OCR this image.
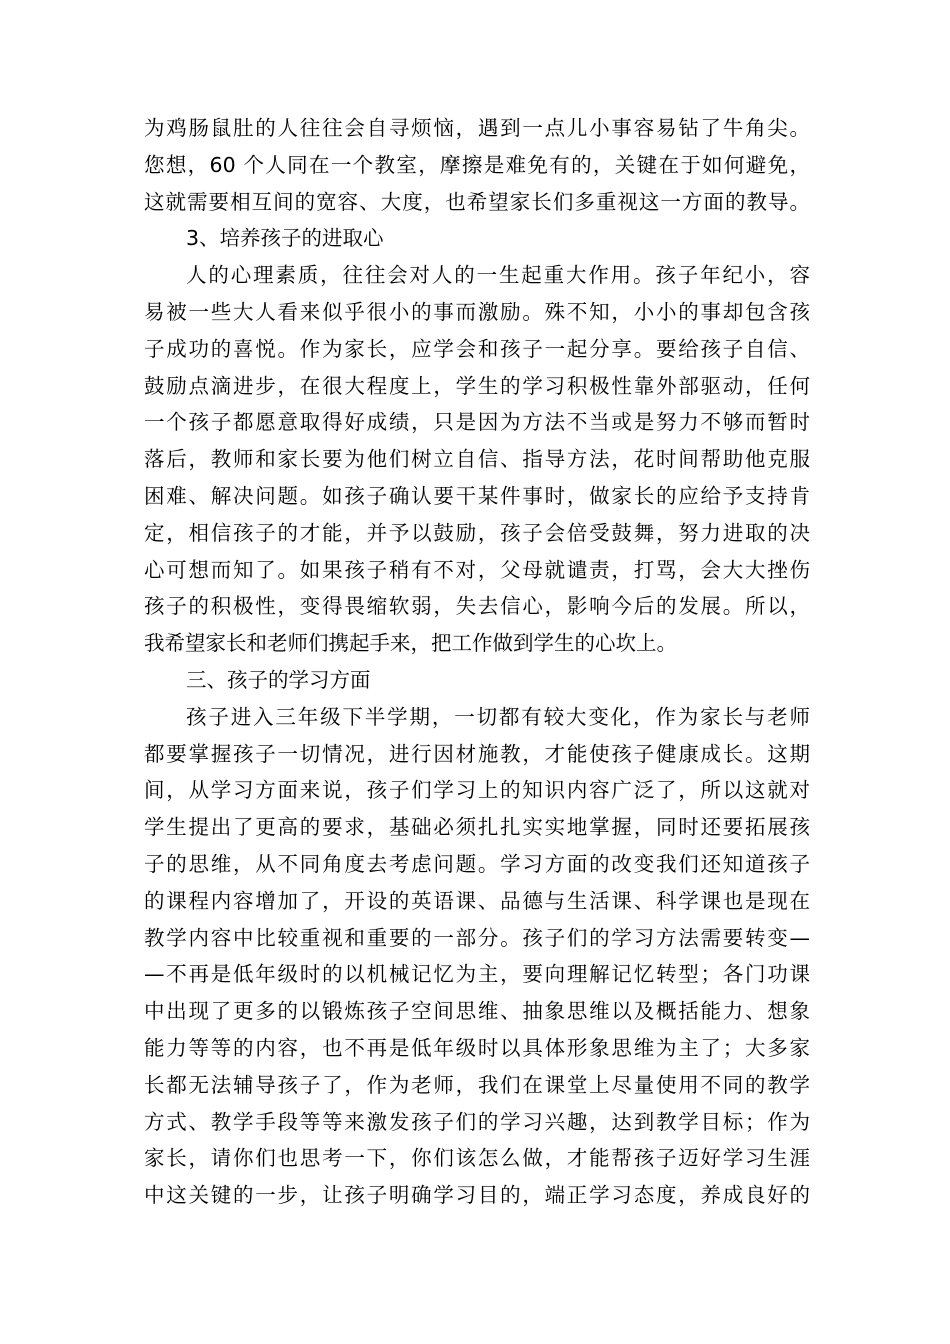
为鸡肠鼠肚的人往往会自寻烦恼，遇到一点儿小事容易钻了牛角尖。
您想，60 个人同在一个教室，摩擦是难免有的，关键在于如何避免，
这就需要相互间的宽容、大度，也希望家长们多重视这一方面的教导。
3、培养孩子的进取心
人的心理素质，往往会对人的一生起重大作用。孩子年纪小，容
易被一些大人看来似乎很小的事而激励。殊不知，小小的事却包含孩
子成功的喜悦。作为家长，应学会和孩子一起分享。要给孩子自信、
鼓励点滴进步，在很大程度上，学生的学习积极性靠外部驱动，任何
一个孩子都愿意取得好成绩，只是因为方法不当或是努力不够而暂时
落后，教师和家长要为他们树立自信、指导方法，花时间帮助他克服
困难、解决问题。如孩子确认要干某件事时，做家长的应给予支持肯
定，相信孩子的才能，并予以鼓励，孩子会倍受鼓舞，努力进取的决
心可想而知了。如果孩子稍有不对，父母就谴责，打骂，会大大挫伤
孩子的积极性，变得畏缩软弱，失去信心，影响今后的发展。所以，
我希望家长和老师们携起手来，把工作做到学生的心坎上。
三、孩子的学习方面
孩子进入三年级下半学期，一切都有较大变化，作为家长与老师
都要掌握孩子一切情况，进行因材施教，才能使孩子健康成长。这期
间，从学习方面来说，孩子们学习上的知识内容广泛了，所以这就对
学生提出了更高的要求，基础必须扎扎实实地掌握，同时还要拓展孩
子的思维，从不同角度去考虑问题。学习方面的改变我们还知道孩子
的课程内容增加了，开设的英语课、品德与生活课、科学课也是现在
教学内容中比较重视和重要的一部分。孩子们的学习方法需要转变—
—不再是低年级时的以机械记忆为主，要向理解记忆转型；各门功课
中出现了更多的以锻炼孩子空间思维、抽象思维以及概括能力、想象
能力等等的内容，也不再是低年级时以具体形象思维为主了；大多家
长都无法辅导孩子了，作为老师，我们在课堂上尽量使用不同的教学
方式、教学手段等等来激发孩子们的学习兴趣，达到教学目标；作为
家长，请你们也思考一下，你们该怎么做，才能帮孩子迈好学习生涯
中这关键的一步，让孩子明确学习目的，端正学习态度，养成良好的
